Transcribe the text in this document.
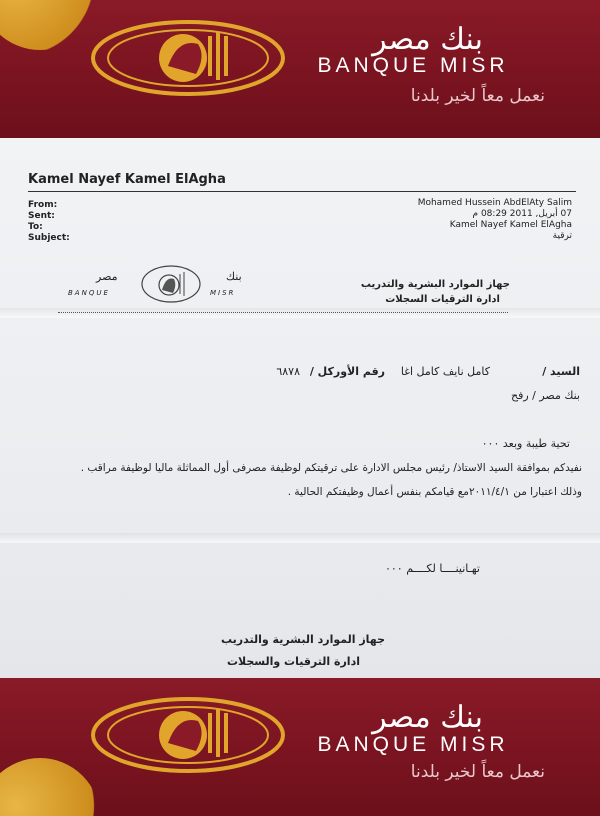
بنك مصر
BANQUE MISR
نعمل معاً لخير بلدنا
Kamel Nayef Kamel ElAgha
From:
Sent:
To:
Subject:
Mohamed Hussein AbdElAty Salim
07 أبريل, 2011 08:29 م
Kamel Nayef Kamel ElAgha
ترقية
BANQUE
مصر
MISR
بنك
جهاز الموارد البشرية والتدريب
ادارة الترقيات السجلات
السيد /
كامل نايف كامل اغا
رقم الأوركل /
٦٨٧٨
بنك مصر / رفح
تحية طيبة وبعد ٠٠٠
نفيدكم بموافقة السيد الاستاذ/ رئيس مجلس الادارة على ترقيتكم لوظيفة مصرفى أول المماثلة ماليا لوظيفة مراقب .
وذلك اعتبارا من ٢٠١١/٤/١مع قيامكم بنفس أعمال وظيفتكم الحالية .
تهـانينــــا لكــــم ٠٠٠
جهاز الموارد البشرية والتدريب
ادارة الترقيات والسجلات
بنك مصر
BANQUE MISR
نعمل معاً لخير بلدنا
